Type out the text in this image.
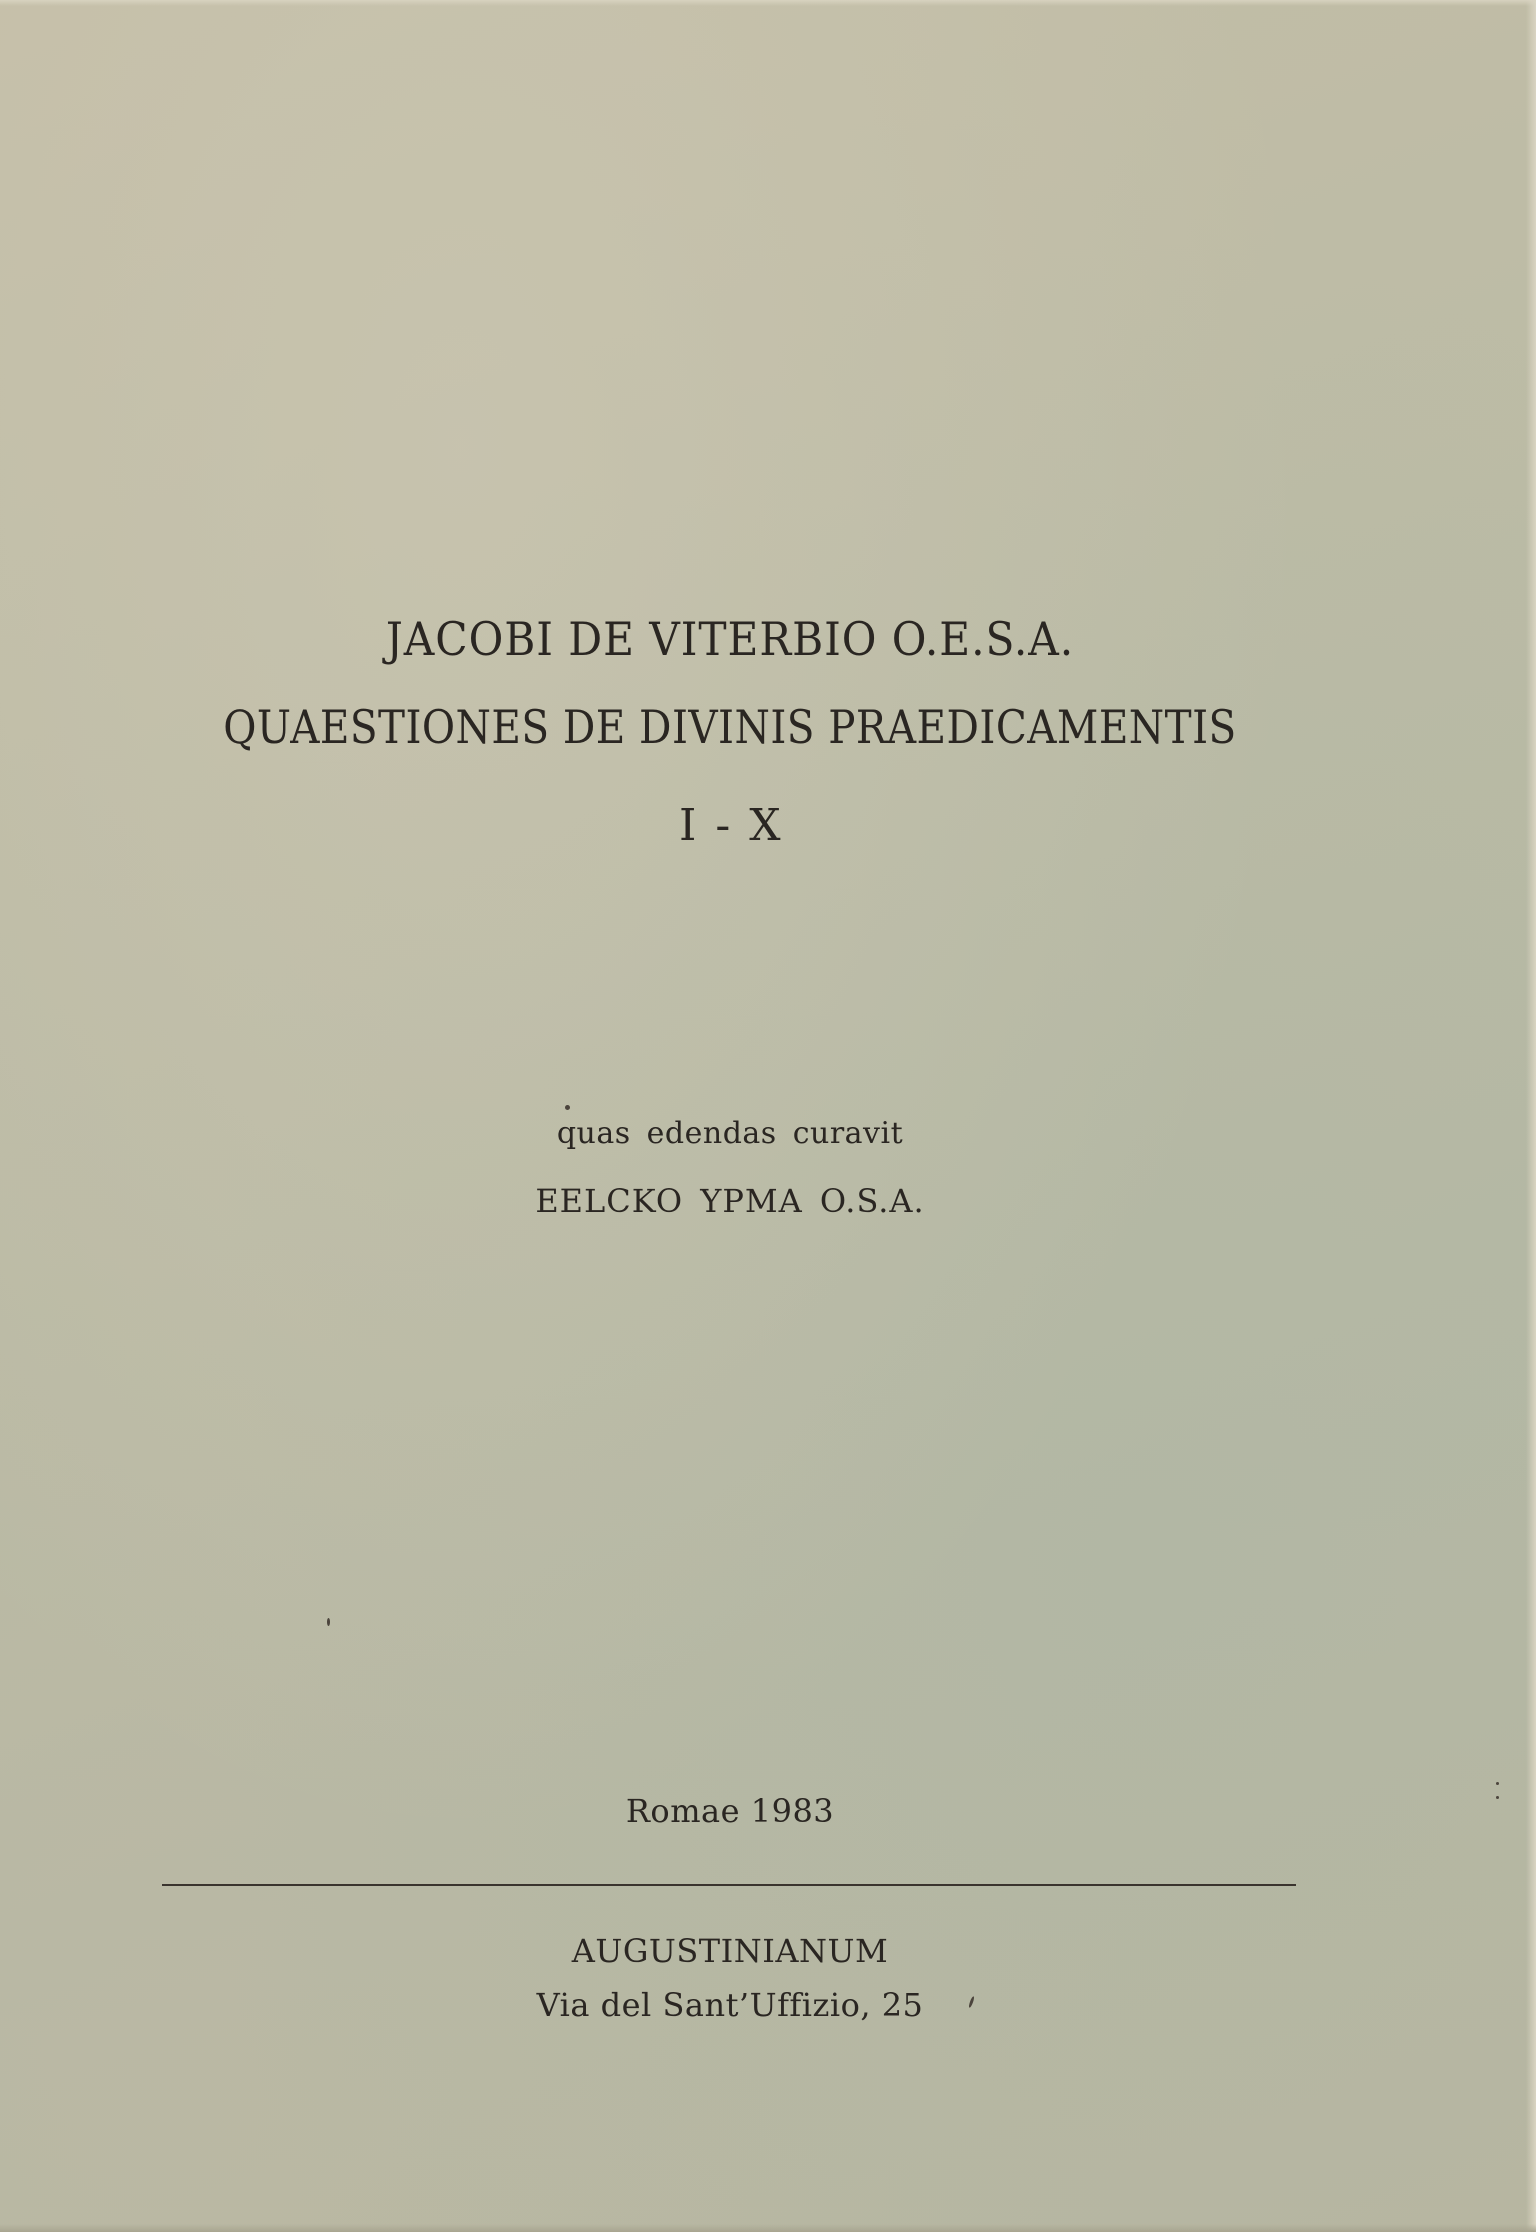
JACOBI DE VITERBIO O.E.S.A.
QUAESTIONES DE DIVINIS PRAEDICAMENTIS
I - X
quas edendas curavit
EELCKO YPMA O.S.A.
Romae 1983
AUGUSTINIANUM
Via del Sant’Uffizio, 25
